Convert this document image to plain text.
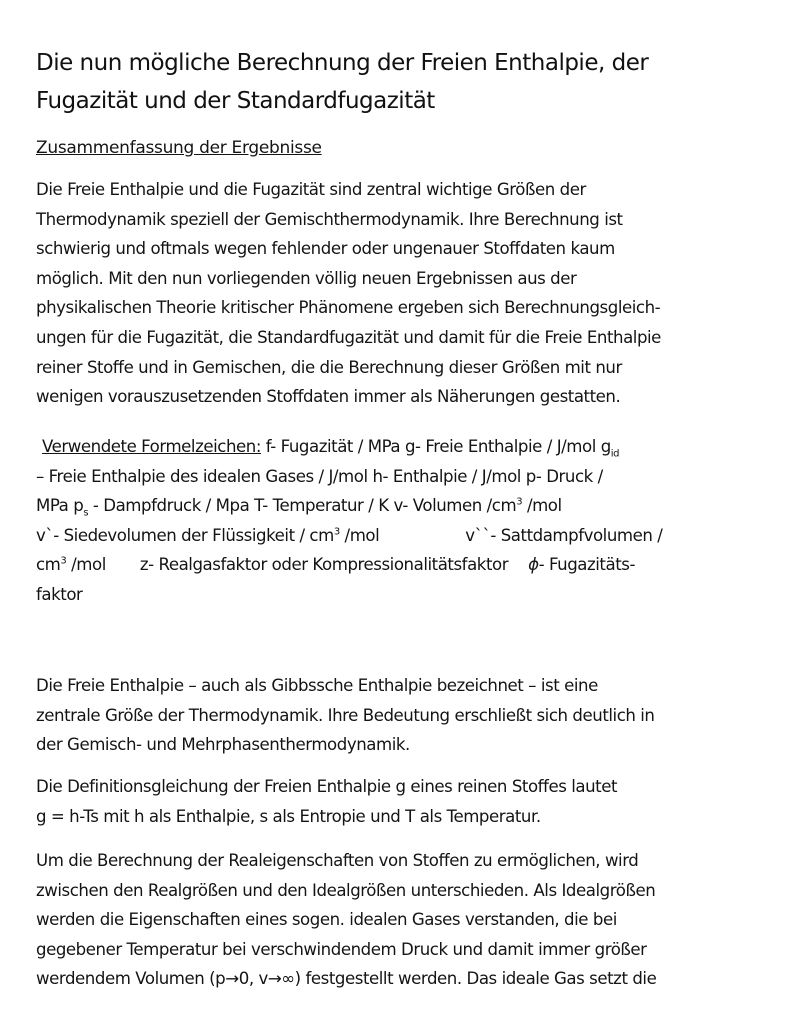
Die nun mögliche Berechnung der Freien Enthalpie, der
Fugazität und der Standardfugazität
Zusammenfassung der Ergebnisse
Die Freie Enthalpie und die Fugazität sind zentral wichtige Größen der
Thermodynamik speziell der Gemischthermodynamik. Ihre Berechnung ist
schwierig und oftmals wegen fehlender oder ungenauer Stoffdaten kaum
möglich. Mit den nun vorliegenden völlig neuen Ergebnissen aus der
physikalischen Theorie kritischer Phänomene ergeben sich Berechnungsgleich-
ungen für die Fugazität, die Standardfugazität und damit für die Freie Enthalpie
reiner Stoffe und in Gemischen, die die Berechnung dieser Größen mit nur
wenigen vorauszusetzenden Stoffdaten immer als Näherungen gestatten.
Verwendete Formelzeichen: f- Fugazität / MPa g- Freie Enthalpie / J/mol $g_{id}$
– Freie Enthalpie des idealen Gases / J/mol h- Enthalpie / J/mol p- Druck /
MPa $p_s$ - Dampfdruck / Mpa T- Temperatur / K v- Volumen $/cm^3$ /mol
v`- Siedevolumen der Flüssigkeit / $cm^3$ /mol	v``- Sattdampfvolumen /
$cm^3$ /mol z- Realgasfaktor oder Kompressionalitätsfaktor ϕ- Fugazitäts-
faktor
Die Freie Enthalpie – auch als Gibbssche Enthalpie bezeichnet – ist eine
zentrale Größe der Thermodynamik. Ihre Bedeutung erschließt sich deutlich in
der Gemisch- und Mehrphasenthermodynamik.
Die Definitionsgleichung der Freien Enthalpie g eines reinen Stoffes lautet
g = h-Ts mit h als Enthalpie, s als Entropie und T als Temperatur.
Um die Berechnung der Realeigenschaften von Stoffen zu ermöglichen, wird
zwischen den Realgrößen und den Idealgrößen unterschieden. Als Idealgrößen
werden die Eigenschaften eines sogen. idealen Gases verstanden, die bei
gegebener Temperatur bei verschwindendem Druck und damit immer größer
werdendem Volumen (p→0, v→∞) festgestellt werden. Das ideale Gas setzt die
